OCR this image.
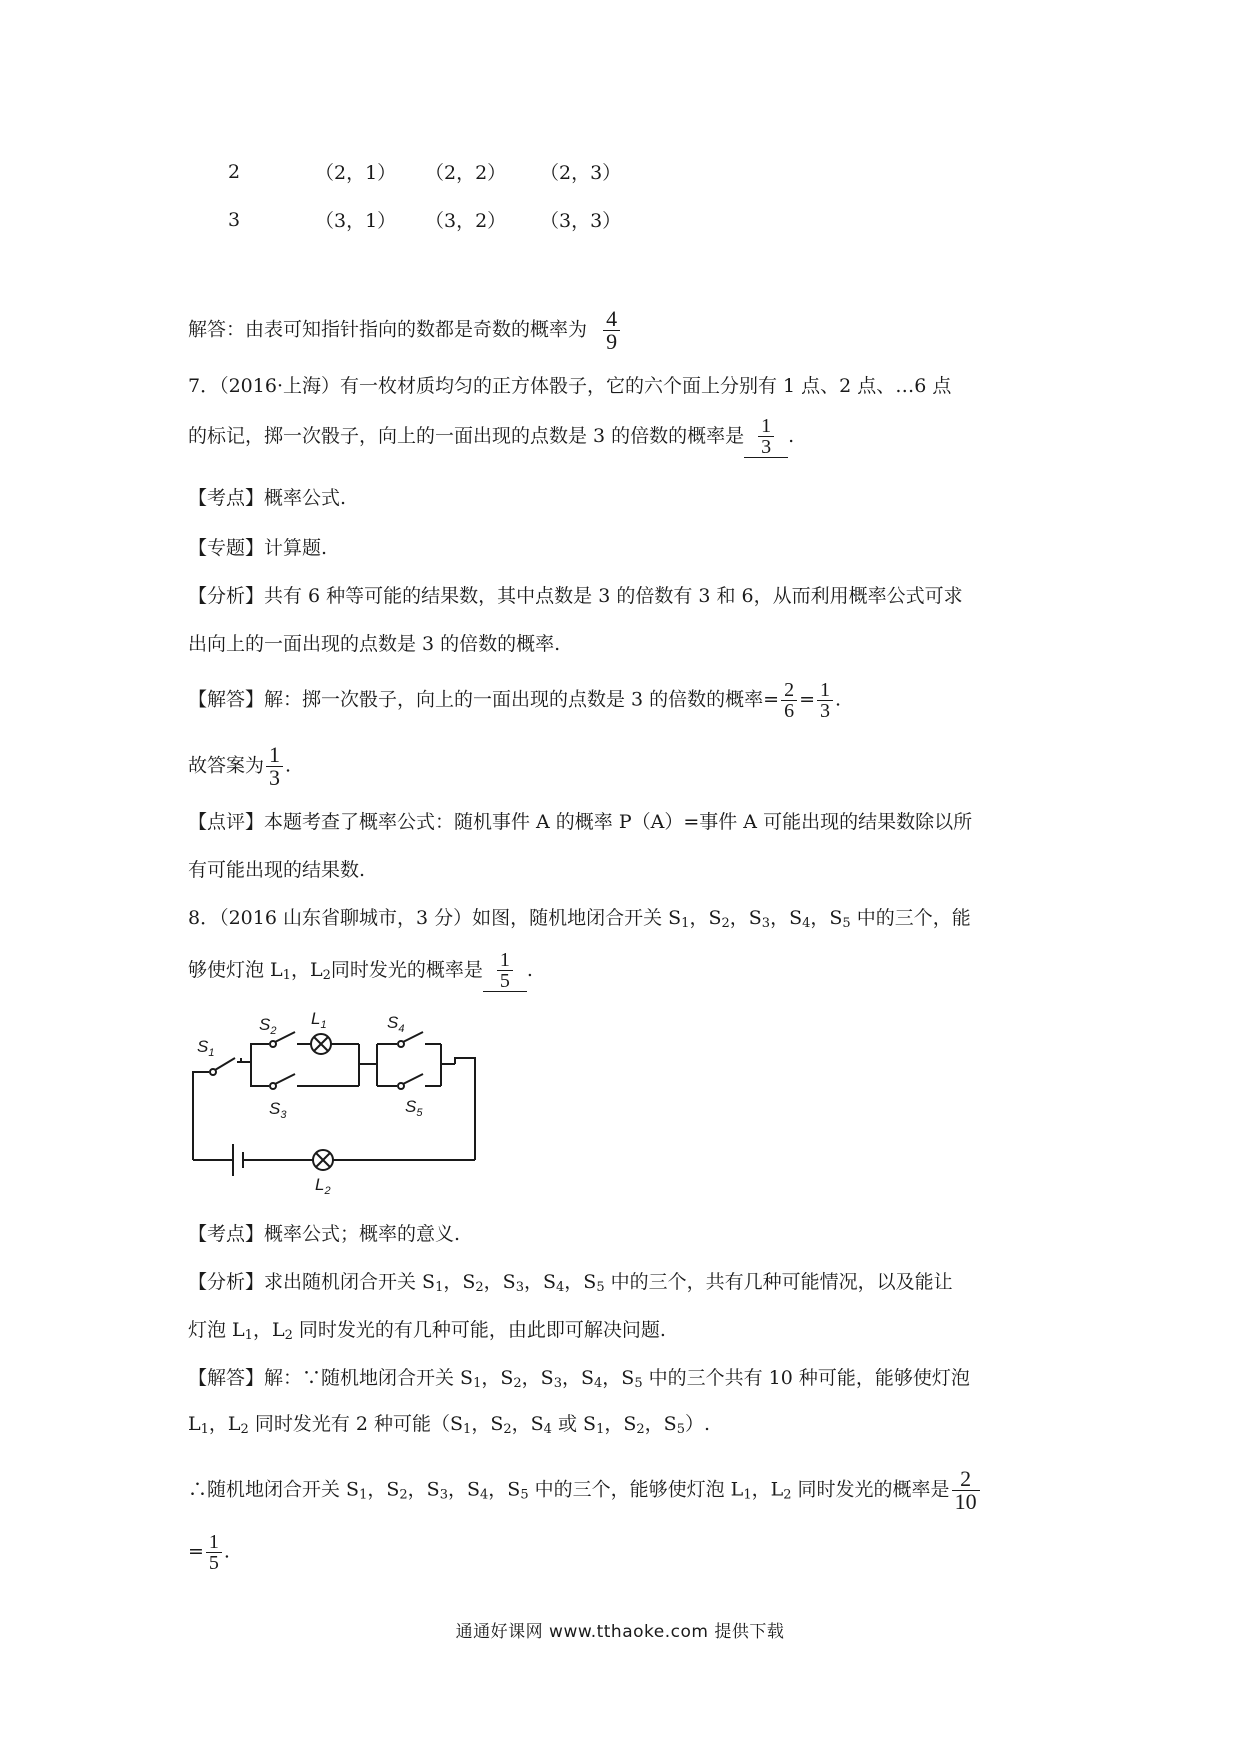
2	（2，1） （2，2） （2，3）
3	（3，1） （3，2） （3，3）
解答：由表可知指针指向的数都是奇数的概率为 $\frac{4}{9}$
7．（2016·上海）有一枚材质均匀的正方体骰子，它的六个面上分别有 1 点、2 点、…6 点
的标记，掷一次骰子，向上的一面出现的点数是 3 的倍数的概率是 $\frac{1}{3}$ .
【考点】概率公式.
【专题】计算题.
【分析】共有 6 种等可能的结果数，其中点数是 3 的倍数有 3 和 6，从而利用概率公式可求
出向上的一面出现的点数是 3 的倍数的概率.
【解答】解：掷一次骰子，向上的一面出现的点数是 3 的倍数的概率= $\frac{2}{6} = \frac{1}{3}$ .
故答案为 $\frac{1}{3}$ .
【点评】本题考查了概率公式：随机事件 A 的概率 P（A）=事件 A 可能出现的结果数除以所
有可能出现的结果数.
8．（2016 山东省聊城市，3 分）如图，随机地闭合开关 $S_1$，$S_2$，$S_3$，$S_4$，$S_5$ 中的三个，能
够使灯泡 $L_1$，$L_2$同时发光的概率是 $\frac{1}{5}$ .
$S_1$
$S_2$
$L_1$	$S_4$
$S_3$	$S_5$
$L_2$
【考点】概率公式；概率的意义.
【分析】求出随机闭合开关 $S_1$，$S_2$，$S_3$，$S_4$，$S_5$ 中的三个，共有几种可能情况，以及能让
灯泡 $L_1$，$L_2$ 同时发光的有几种可能，由此即可解决问题.
【解答】解：∵随机地闭合开关 $S_1$，$S_2$，$S_3$，$S_4$，$S_5$ 中的三个共有 10 种可能，能够使灯泡
$L_1$，$L_2$ 同时发光有 2 种可能（$S_1$，$S_2$，$S_4$ 或 $S_1$，$S_2$，$S_5$）.
∴随机地闭合开关 $S_1$，$S_2$，$S_3$，$S_4$，$S_5$ 中的三个，能够使灯泡 $L_1$，$L_2$ 同时发光的概率是 $\frac{2}{10}$
= $\frac{1}{5}$ .
通通好课网 www.tthaoke.com 提供下载
